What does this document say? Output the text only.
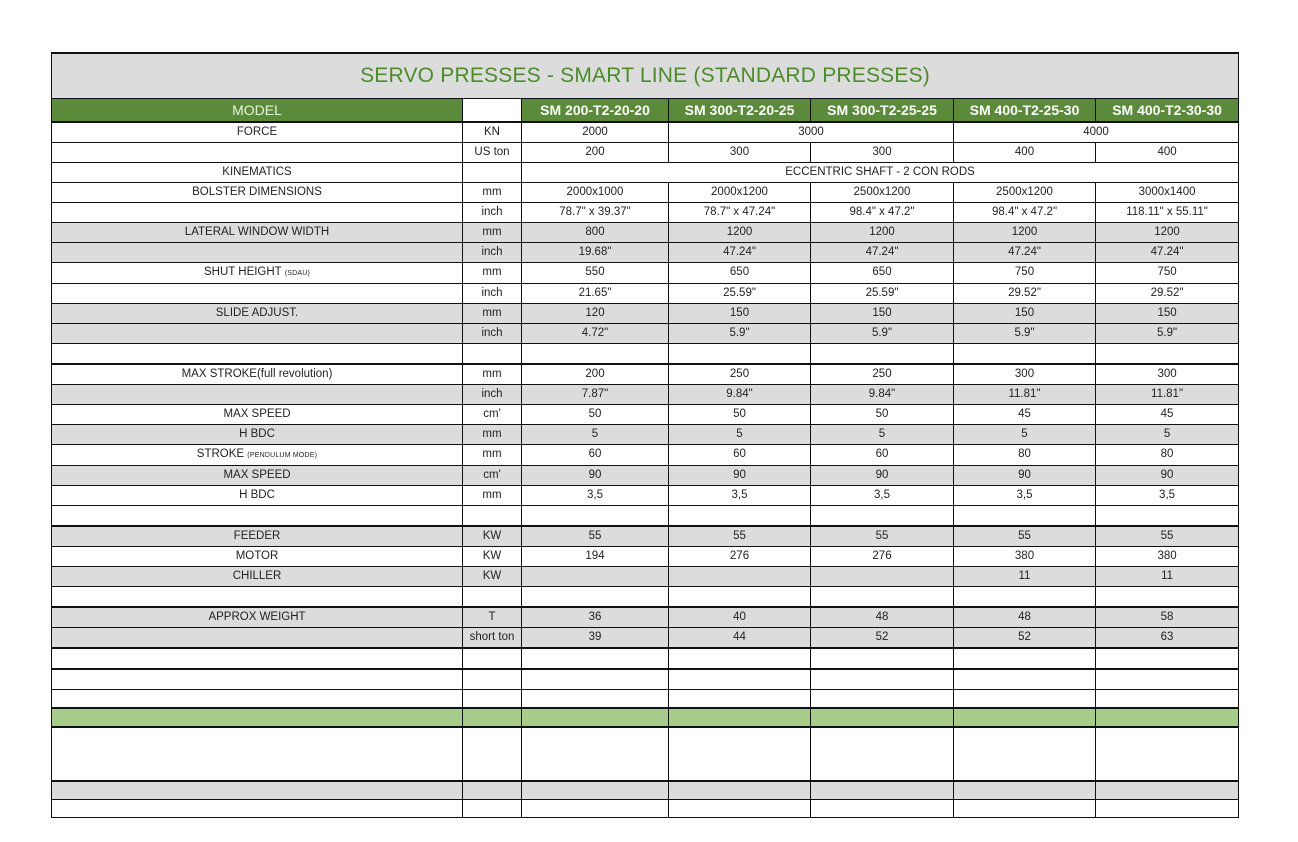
SERVO PRESSES - SMART LINE (STANDARD PRESSES)						
MODEL		SM 200-T2-20-20	SM 300-T2-20-25	SM 300-T2-25-25	SM 400-T2-25-30	SM 400-T2-30-30
FORCE	KN	2000	3000		4000	
	US ton	200	300	300	400	400
KINEMATICS		ECCENTRIC SHAFT - 2 CON RODS				
BOLSTER DIMENSIONS	mm	2000x1000	2000x1200	2500x1200	2500x1200	3000x1400
	inch	78.7" x 39.37"	78.7" x 47.24"	98.4" x 47.2"	98.4" x 47.2"	118.11" x 55.11"
LATERAL WINDOW WIDTH	mm	800	1200	1200	1200	1200
	inch	19.68"	47.24"	47.24"	47.24"	47.24"
SHUT HEIGHT (SDAU)	mm	550	650	650	750	750
	inch	21.65"	25.59"	25.59"	29.52"	29.52"
SLIDE ADJUST.	mm	120	150	150	150	150
	inch	4.72"	5.9"	5.9"	5.9"	5.9"

MAX STROKE(full revolution)	mm	200	250	250	300	300
	inch	7.87"	9.84"	9.84"	11.81"	11.81"
MAX SPEED	cm'	50	50	50	45	45
H BDC	mm	5	5	5	5	5
STROKE (PENDULUM MODE)	mm	60	60	60	80	80
MAX SPEED	cm'	90	90	90	90	90
H BDC	mm	3,5	3,5	3,5	3,5	3,5

FEEDER	KW	55	55	55	55	55
MOTOR	KW	194	276	276	380	380
CHILLER	KW				11	11

APPROX WEIGHT	T	36	40	48	48	58
	short ton	39	44	52	52	63
